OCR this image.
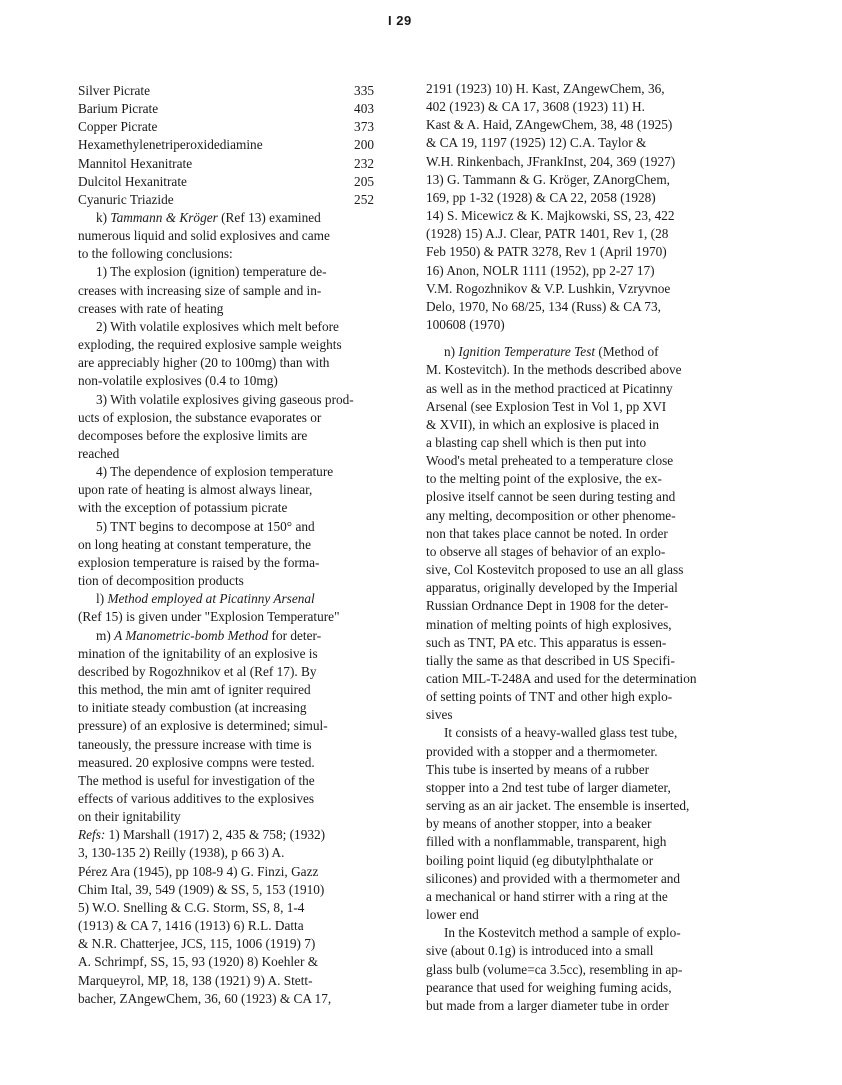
I 29
Silver Picrate	335
Barium Picrate	403
Copper Picrate	373
Hexamethylenetriperoxidediamine	200
Mannitol Hexanitrate	232
Dulcitol Hexanitrate	205
Cyanuric Triazide	252
k) Tammann & Kröger (Ref 13) examined
numerous liquid and solid explosives and came
to the following conclusions:
1) The explosion (ignition) temperature de-
creases with increasing size of sample and in-
creases with rate of heating
2) With volatile explosives which melt before
exploding, the required explosive sample weights
are appreciably higher (20 to 100mg) than with
non-volatile explosives (0.4 to 10mg)
3) With volatile explosives giving gaseous prod-
ucts of explosion, the substance evaporates or
decomposes before the explosive limits are
reached
4) The dependence of explosion temperature
upon rate of heating is almost always linear,
with the exception of potassium picrate
5) TNT begins to decompose at 150° and
on long heating at constant temperature, the
explosion temperature is raised by the forma-
tion of decomposition products
l) Method employed at Picatinny Arsenal
(Ref 15) is given under "Explosion Temperature"
m) A Manometric-bomb Method for deter-
mination of the ignitability of an explosive is
described by Rogozhnikov et al (Ref 17). By
this method, the min amt of igniter required
to initiate steady combustion (at increasing
pressure) of an explosive is determined; simul-
taneously, the pressure increase with time is
measured. 20 explosive compns were tested.
The method is useful for investigation of the
effects of various additives to the explosives
on their ignitability
Refs: 1) Marshall (1917) 2, 435 & 758; (1932)
3, 130-135 2) Reilly (1938), p 66 3) A.
Pérez Ara (1945), pp 108-9 4) G. Finzi, Gazz
Chim Ital, 39, 549 (1909) & SS, 5, 153 (1910)
5) W.O. Snelling & C.G. Storm, SS, 8, 1-4
(1913) & CA 7, 1416 (1913) 6) R.L. Datta
& N.R. Chatterjee, JCS, 115, 1006 (1919) 7)
A. Schrimpf, SS, 15, 93 (1920) 8) Koehler &
Marqueyrol, MP, 18, 138 (1921) 9) A. Stett-
bacher, ZAngewChem, 36, 60 (1923) & CA 17,
2191 (1923) 10) H. Kast, ZAngewChem, 36,
402 (1923) & CA 17, 3608 (1923) 11) H.
Kast & A. Haid, ZAngewChem, 38, 48 (1925)
& CA 19, 1197 (1925) 12) C.A. Taylor &
W.H. Rinkenbach, JFrankInst, 204, 369 (1927)
13) G. Tammann & G. Kröger, ZAnorgChem,
169, pp 1-32 (1928) & CA 22, 2058 (1928)
14) S. Micewicz & K. Majkowski, SS, 23, 422
(1928) 15) A.J. Clear, PATR 1401, Rev 1, (28
Feb 1950) & PATR 3278, Rev 1 (April 1970)
16) Anon, NOLR 1111 (1952), pp 2-27 17)
V.M. Rogozhnikov & V.P. Lushkin, Vzryvnoe
Delo, 1970, No 68/25, 134 (Russ) & CA 73,
100608 (1970)
n) Ignition Temperature Test (Method of
M. Kostevitch). In the methods described above
as well as in the method practiced at Picatinny
Arsenal (see Explosion Test in Vol 1, pp XVI
& XVII), in which an explosive is placed in
a blasting cap shell which is then put into
Wood's metal preheated to a temperature close
to the melting point of the explosive, the ex-
plosive itself cannot be seen during testing and
any melting, decomposition or other phenome-
non that takes place cannot be noted. In order
to observe all stages of behavior of an explo-
sive, Col Kostevitch proposed to use an all glass
apparatus, originally developed by the Imperial
Russian Ordnance Dept in 1908 for the deter-
mination of melting points of high explosives,
such as TNT, PA etc. This apparatus is essen-
tially the same as that described in US Specifi-
cation MIL-T-248A and used for the determination
of setting points of TNT and other high explo-
sives
It consists of a heavy-walled glass test tube,
provided with a stopper and a thermometer.
This tube is inserted by means of a rubber
stopper into a 2nd test tube of larger diameter,
serving as an air jacket. The ensemble is inserted,
by means of another stopper, into a beaker
filled with a nonflammable, transparent, high
boiling point liquid (eg dibutylphthalate or
silicones) and provided with a thermometer and
a mechanical or hand stirrer with a ring at the
lower end
In the Kostevitch method a sample of explo-
sive (about 0.1g) is introduced into a small
glass bulb (volume=ca 3.5cc), resembling in ap-
pearance that used for weighing fuming acids,
but made from a larger diameter tube in order
